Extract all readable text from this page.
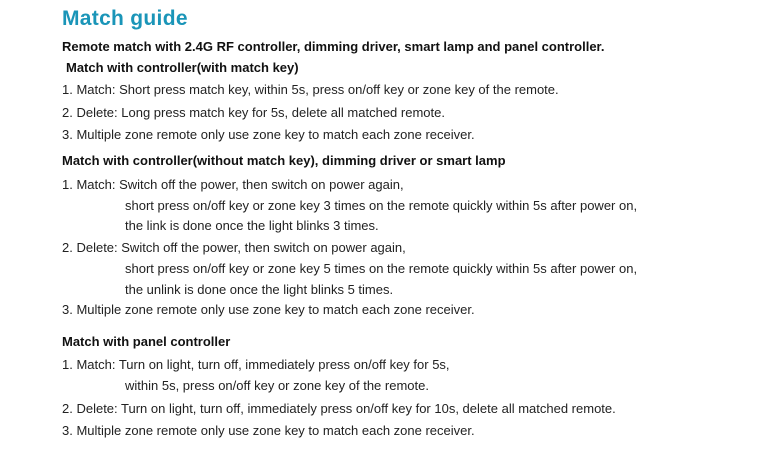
Match guide
Remote match with 2.4G RF controller, dimming driver, smart lamp and panel controller.
Match with controller(with match key)
1. Match: Short press match key, within 5s, press on/off key or zone key of the remote.
2. Delete: Long press match key for 5s, delete all matched remote.
3. Multiple zone remote only use zone key to match each zone receiver.
Match with controller(without match key), dimming driver or smart lamp
1. Match: Switch off the power, then switch on power again,
short press on/off key or zone key 3 times on the remote quickly within 5s after power on,
the link is done once the light blinks 3 times.
2. Delete: Switch off the power, then switch on power again,
short press on/off key or zone key 5 times on the remote quickly within 5s after power on,
the unlink is done once the light blinks 5 times.
3. Multiple zone remote only use zone key to match each zone receiver.
Match with panel controller
1. Match: Turn on light, turn off, immediately press on/off key for 5s,
within 5s, press on/off key or zone key of the remote.
2. Delete: Turn on light, turn off, immediately press on/off key for 10s, delete all matched remote.
3. Multiple zone remote only use zone key to match each zone receiver.
